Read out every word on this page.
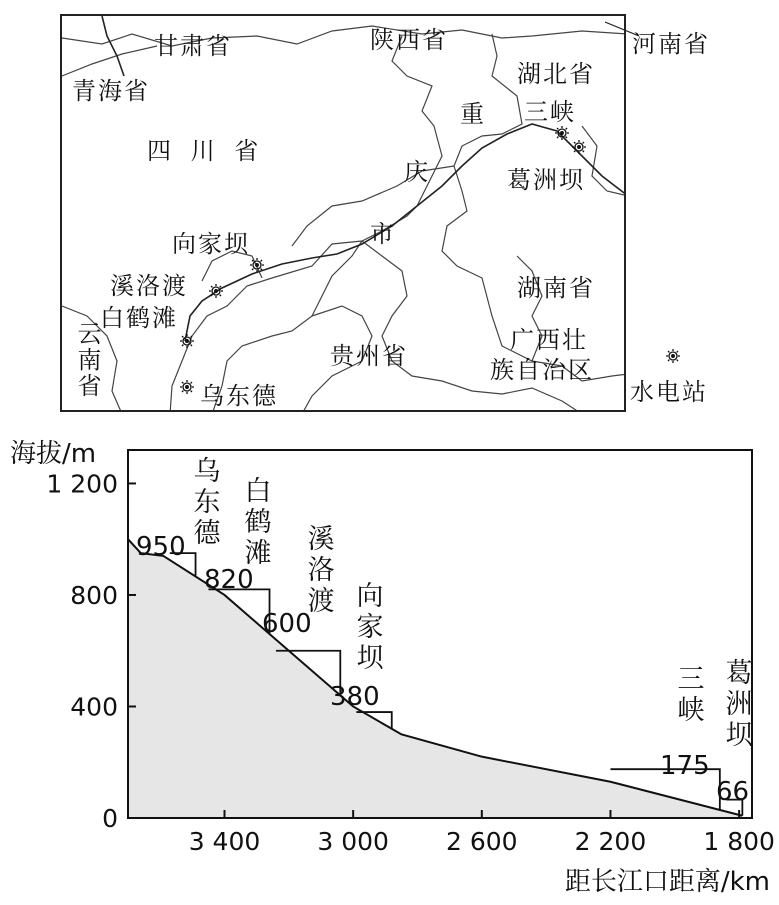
甘肃省	陕西省
青海省
湖北省
四 川 省
重
庆
市
湖南省
贵州省
广西壮
族自治区
云南省
三峡
葛洲坝
向家坝
溪洛渡
白鹤滩
乌东德
河南省
水电站
950
820
600
380
175
66
乌
东
德
白
鹤
滩 溪
洛
渡 向
家
坝
三
峡
葛
洲
坝
0
400
800
1 200
3 400 3 000 2 600 2 200 1 800
海拔/m
距长江口距离/km
